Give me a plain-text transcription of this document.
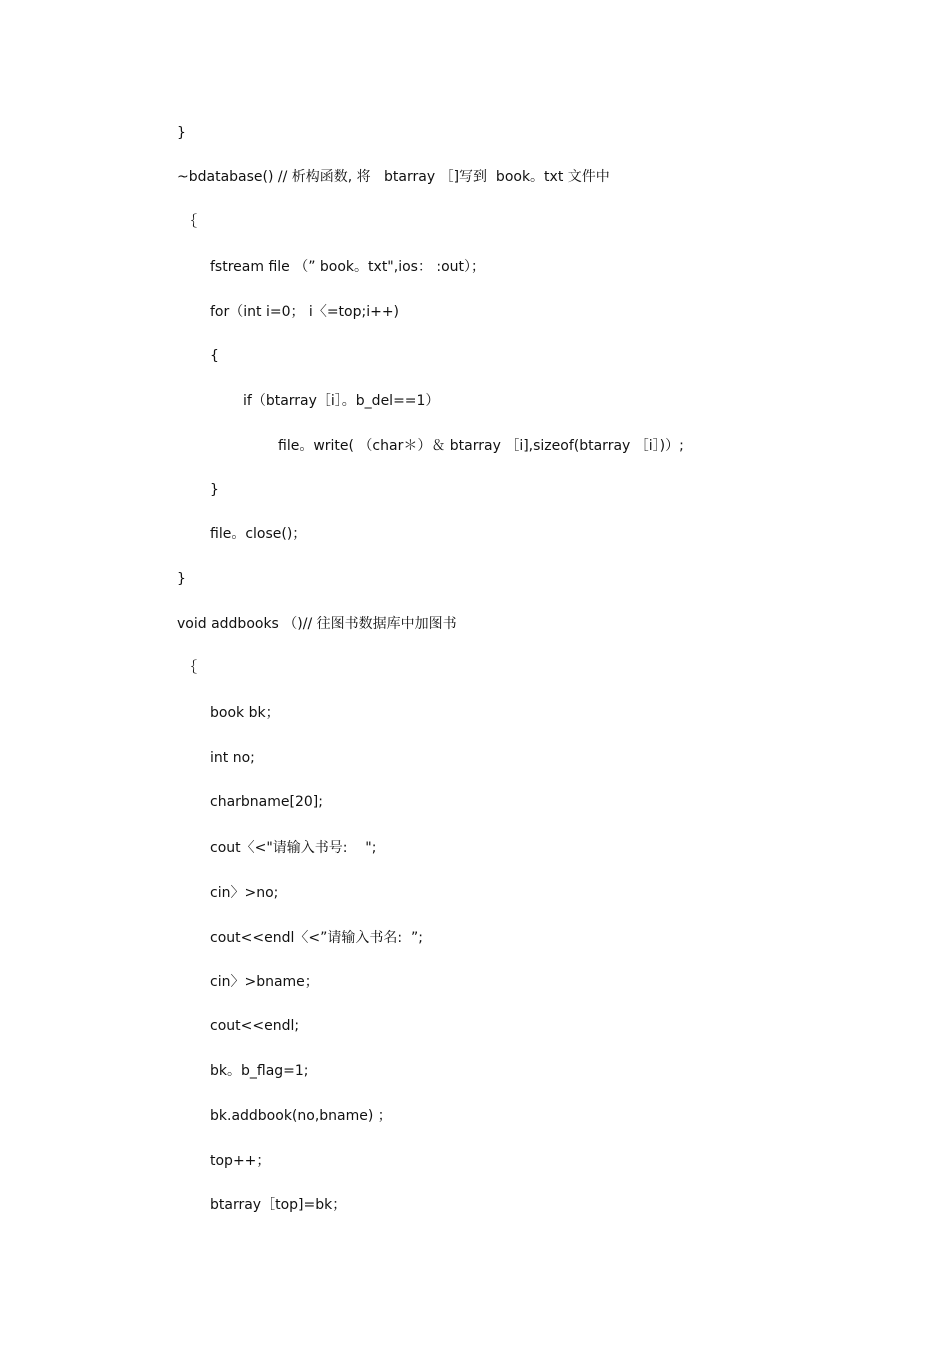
}
~bdatabase() // 析构函数, 将   btarray ［]写到  book。txt 文件中
｛
fstream file （” book。txt",ios： :out）；
for（int i=0； i〈=top;i++)
{
if（btarray［i］。b_del==1）
file。write( （char＊）＆ btarray ［i],sizeof(btarray ［i］)）;
}
file。close()；
}
void addbooks （)// 往图书数据库中加图书
｛
book bk；
int no;
charbname[20];
cout〈<"请输入书号:    ";
cin〉>no;
cout<<endl〈<”请输入书名:  ”;
cin〉>bname；
cout<<endl;
bk。b_flag=1;
bk.addbook(no,bname) ；
top++；
btarray［top]=bk；
